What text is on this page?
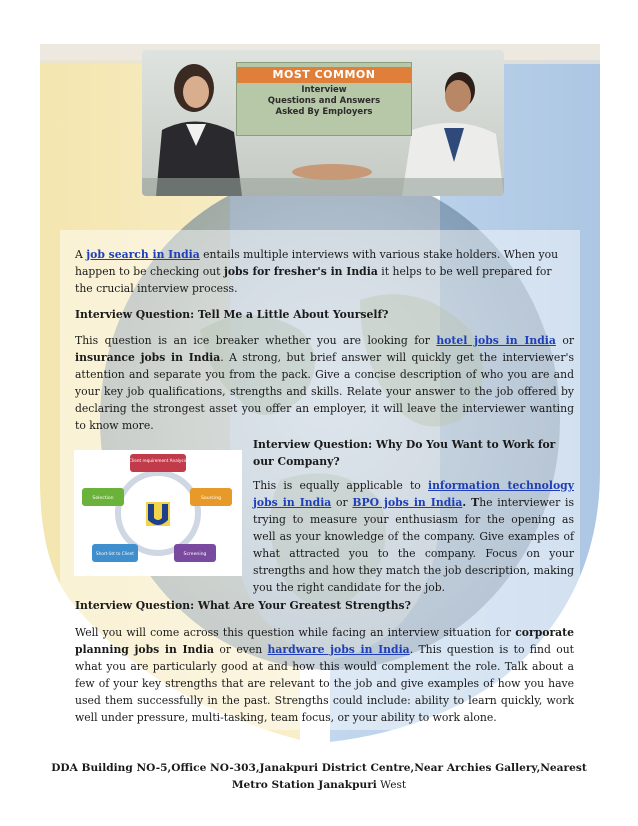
MOST COMMON
Interview
Questions and Answers
Asked By Employers
A job search in India entails multiple interviews with various stake holders. When you happen to be checking out jobs for fresher's in India it helps to be well prepared for the crucial interview process.
Interview Question: Tell Me a Little About Yourself?
This question is an ice breaker whether you are looking for hotel jobs in India or insurance jobs in India. A strong, but brief answer will quickly get the interviewer's attention and separate you from the pack. Give a concise description of who you are and your key job qualifications, strengths and skills. Relate your answer to the job offered by declaring the strongest asset you offer an employer, it will leave the interviewer wanting to know more.
Client requirement Analysis
Sourcing
Screening
Short-list to Client
Selection
Interview Question: Why Do You Want to Work for our Company?
This is equally applicable to information technology jobs in India or BPO jobs in India. The interviewer is trying to measure your enthusiasm for the opening as well as your knowledge of the company. Give examples of what attracted you to the company. Focus on your strengths and how they match the job description, making you the right candidate for the job.
Interview Question: What Are Your Greatest Strengths?
Well you will come across this question while facing an interview situation for corporate planning jobs in India or even hardware jobs in India. This question is to find out what you are particularly good at and how this would complement the role. Talk about a few of your key strengths that are relevant to the job and give examples of how you have used them successfully in the past. Strengths could include: ability to learn quickly, work well under pressure, multi-tasking, team focus, or your ability to work alone.
DDA Building NO-5,Office NO-303,Janakpuri District Centre,Near Archies Gallery,Nearest Metro Station Janakpuri West
